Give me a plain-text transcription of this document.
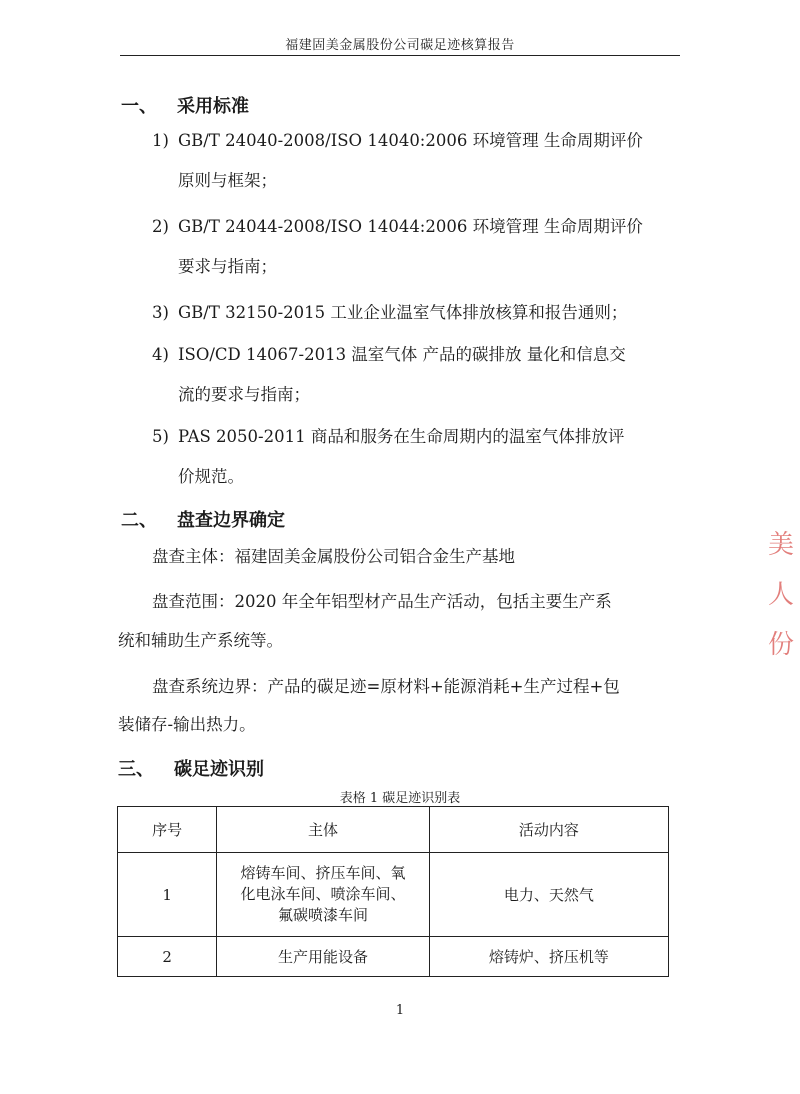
福建固美金属股份公司碳足迹核算报告
一、 采用标准
1) GB/T 24040-2008/ISO 14040:2006 环境管理 生命周期评价
原则与框架；
2) GB/T 24044-2008/ISO 14044:2006 环境管理 生命周期评价
要求与指南；
3) GB/T 32150-2015 工业企业温室气体排放核算和报告通则；
4) ISO/CD 14067-2013 温室气体 产品的碳排放 量化和信息交
流的要求与指南；
5) PAS 2050-2011 商品和服务在生命周期内的温室气体排放评
价规范。
二、 盘查边界确定
盘查主体：福建固美金属股份公司铝合金生产基地
盘查范围：2020 年全年铝型材产品生产活动，包括主要生产系
统和辅助生产系统等。
盘查系统边界：产品的碳足迹=原材料+能源消耗+生产过程+包
装储存-输出热力。
三、 碳足迹识别
表格 1 碳足迹识别表
序号	主体	活动内容
1	熔铸车间、挤压车间、氧
化电泳车间、喷涂车间、
氟碳喷漆车间	电力、天然气
2	生产用能设备	熔铸炉、挤压机等
1
美
人
份
